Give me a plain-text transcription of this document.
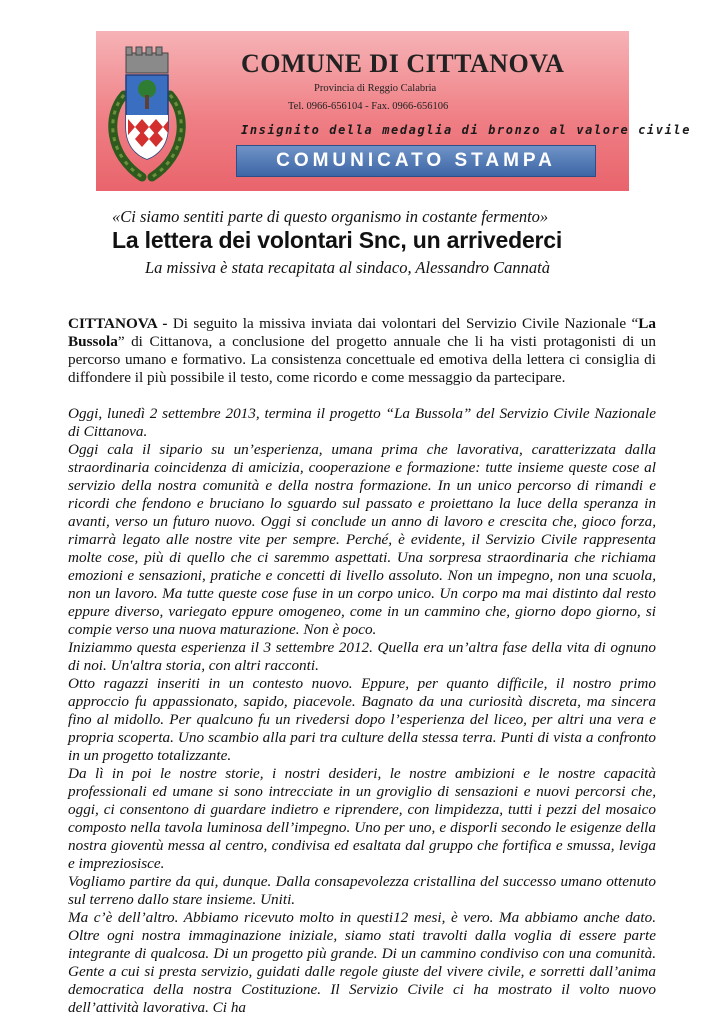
COMUNE DI CITTANOVA
Provincia di Reggio Calabria
Tel. 0966-656104 - Fax. 0966-656106
Insignito della medaglia di bronzo al valore civile
COMUNICATO STAMPA
«Ci siamo sentiti parte di questo organismo in costante fermento»
La lettera dei volontari Snc, un arrivederci
La missiva è stata recapitata al sindaco, Alessandro Cannatà

CITTANOVA - Di seguito la missiva inviata dai volontari del Servizio Civile Nazionale “La Bussola” di Cittanova, a conclusione del progetto annuale che li ha visti protagonisti di un percorso umano e formativo. La consistenza concettuale ed emotiva della lettera ci consiglia di diffondere il più possibile il testo, come ricordo e come messaggio da partecipare.

Oggi, lunedì 2 settembre 2013, termina il progetto “La Bussola” del Servizio Civile Nazionale di Cittanova.

Oggi cala il sipario su un’esperienza, umana prima che lavorativa, caratterizzata dalla straordinaria coincidenza di amicizia, cooperazione e formazione: tutte insieme queste cose al servizio della nostra comunità e della nostra formazione. In un unico percorso di rimandi e ricordi che fendono e bruciano lo sguardo sul passato e proiettano la luce della speranza in avanti, verso un futuro nuovo. Oggi si conclude un anno di lavoro e crescita che, gioco forza, rimarrà legato alle nostre vite per sempre. Perché, è evidente, il Servizio Civile rappresenta molte cose, più di quello che ci saremmo aspettati. Una sorpresa straordinaria che richiama emozioni e sensazioni, pratiche e concetti di livello assoluto. Non un impegno, non una scuola, non un lavoro. Ma tutte queste cose fuse in un corpo unico. Un corpo ma mai distinto dal resto eppure diverso, variegato eppure omogeneo, come in un cammino che, giorno dopo giorno, si compie verso una nuova maturazione. Non è poco.

Iniziammo questa esperienza il 3 settembre 2012. Quella era un’altra fase della vita di ognuno di noi. Un'altra storia, con altri racconti.

Otto ragazzi inseriti in un contesto nuovo. Eppure, per quanto difficile, il nostro primo approccio fu appassionato, sapido, piacevole. Bagnato da una curiosità discreta, ma sincera fino al midollo. Per qualcuno fu un rivedersi dopo l’esperienza del liceo, per altri una vera e propria scoperta. Uno scambio alla pari tra culture della stessa terra. Punti di vista a confronto in un progetto totalizzante.

Da lì in poi le nostre storie, i nostri desideri, le nostre ambizioni e le nostre capacità professionali ed umane si sono intrecciate in un groviglio di sensazioni e nuovi percorsi che, oggi, ci consentono di guardare indietro e riprendere, con limpidezza, tutti i pezzi del mosaico composto nella tavola luminosa dell’impegno. Uno per uno, e disporli secondo le esigenze della nostra gioventù messa al centro, condivisa ed esaltata dal gruppo che fortifica e smussa, leviga e impreziosisce.

Vogliamo partire da qui, dunque. Dalla consapevolezza cristallina del successo umano ottenuto sul terreno dallo stare insieme. Uniti.

Ma c’è dell’altro. Abbiamo ricevuto molto in questi12 mesi, è vero. Ma abbiamo anche dato. Oltre ogni nostra immaginazione iniziale, siamo stati travolti dalla voglia di essere parte integrante di qualcosa. Di un progetto più grande. Di un cammino condiviso con una comunità. Gente a cui si presta servizio, guidati dalle regole giuste del vivere civile, e sorretti dall’anima democratica della nostra Costituzione. Il Servizio Civile ci ha mostrato il volto nuovo dell’attività lavorativa. Ci ha
